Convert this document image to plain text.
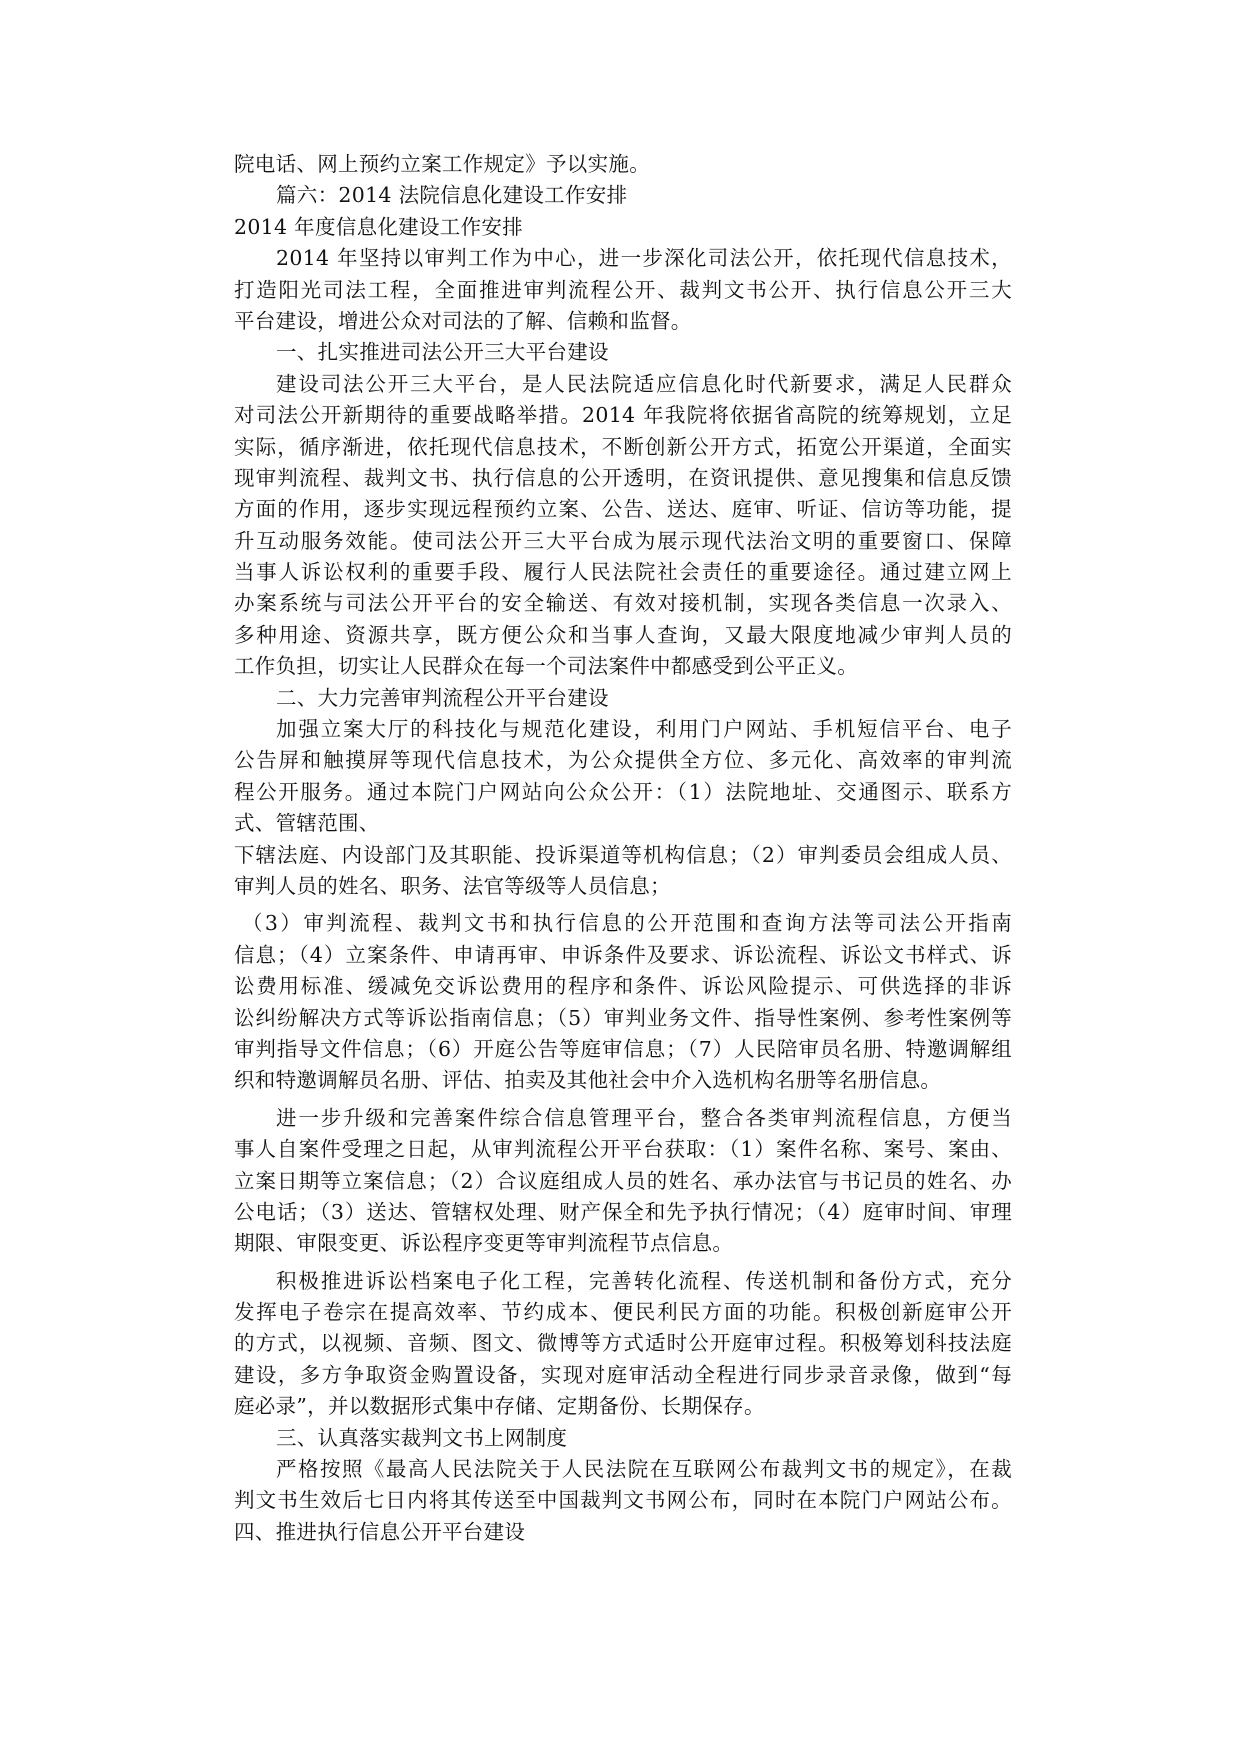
院电话、网上预约立案工作规定》予以实施。
篇六：2014 法院信息化建设工作安排
2014 年度信息化建设工作安排
2014 年坚持以审判工作为中心，进一步深化司法公开，依托现代信息技术，
打造阳光司法工程，全面推进审判流程公开、裁判文书公开、执行信息公开三大
平台建设，增进公众对司法的了解、信赖和监督。
一、扎实推进司法公开三大平台建设
建设司法公开三大平台，是人民法院适应信息化时代新要求，满足人民群众
对司法公开新期待的重要战略举措。2014 年我院将依据省高院的统筹规划，立足
实际，循序渐进，依托现代信息技术，不断创新公开方式，拓宽公开渠道，全面实
现审判流程、裁判文书、执行信息的公开透明，在资讯提供、意见搜集和信息反馈
方面的作用，逐步实现远程预约立案、公告、送达、庭审、听证、信访等功能，提
升互动服务效能。使司法公开三大平台成为展示现代法治文明的重要窗口、保障
当事人诉讼权利的重要手段、履行人民法院社会责任的重要途径。通过建立网上
办案系统与司法公开平台的安全输送、有效对接机制，实现各类信息一次录入、
多种用途、资源共享，既方便公众和当事人查询，又最大限度地减少审判人员的
工作负担，切实让人民群众在每一个司法案件中都感受到公平正义。
二、大力完善审判流程公开平台建设
加强立案大厅的科技化与规范化建设，利用门户网站、手机短信平台、电子
公告屏和触摸屏等现代信息技术，为公众提供全方位、多元化、高效率的审判流
程公开服务。通过本院门户网站向公众公开：（1）法院地址、交通图示、联系方
式、管辖范围、
下辖法庭、内设部门及其职能、投诉渠道等机构信息；（2）审判委员会组成人员、
审判人员的姓名、职务、法官等级等人员信息；
（3）审判流程、裁判文书和执行信息的公开范围和查询方法等司法公开指南
信息；（4）立案条件、申请再审、申诉条件及要求、诉讼流程、诉讼文书样式、诉
讼费用标准、缓减免交诉讼费用的程序和条件、诉讼风险提示、可供选择的非诉
讼纠纷解决方式等诉讼指南信息；（5）审判业务文件、指导性案例、参考性案例等
审判指导文件信息；（6）开庭公告等庭审信息；（7）人民陪审员名册、特邀调解组
织和特邀调解员名册、评估、拍卖及其他社会中介入选机构名册等名册信息。
进一步升级和完善案件综合信息管理平台，整合各类审判流程信息，方便当
事人自案件受理之日起，从审判流程公开平台获取：（1）案件名称、案号、案由、
立案日期等立案信息；（2）合议庭组成人员的姓名、承办法官与书记员的姓名、办
公电话；（3）送达、管辖权处理、财产保全和先予执行情况；（4）庭审时间、审理
期限、审限变更、诉讼程序变更等审判流程节点信息。
积极推进诉讼档案电子化工程，完善转化流程、传送机制和备份方式，充分
发挥电子卷宗在提高效率、节约成本、便民利民方面的功能。积极创新庭审公开
的方式，以视频、音频、图文、微博等方式适时公开庭审过程。积极筹划科技法庭
建设，多方争取资金购置设备，实现对庭审活动全程进行同步录音录像，做到“每
庭必录”，并以数据形式集中存储、定期备份、长期保存。
三、认真落实裁判文书上网制度
严格按照《最高人民法院关于人民法院在互联网公布裁判文书的规定》，在裁
判文书生效后七日内将其传送至中国裁判文书网公布，同时在本院门户网站公布。
四、推进执行信息公开平台建设
